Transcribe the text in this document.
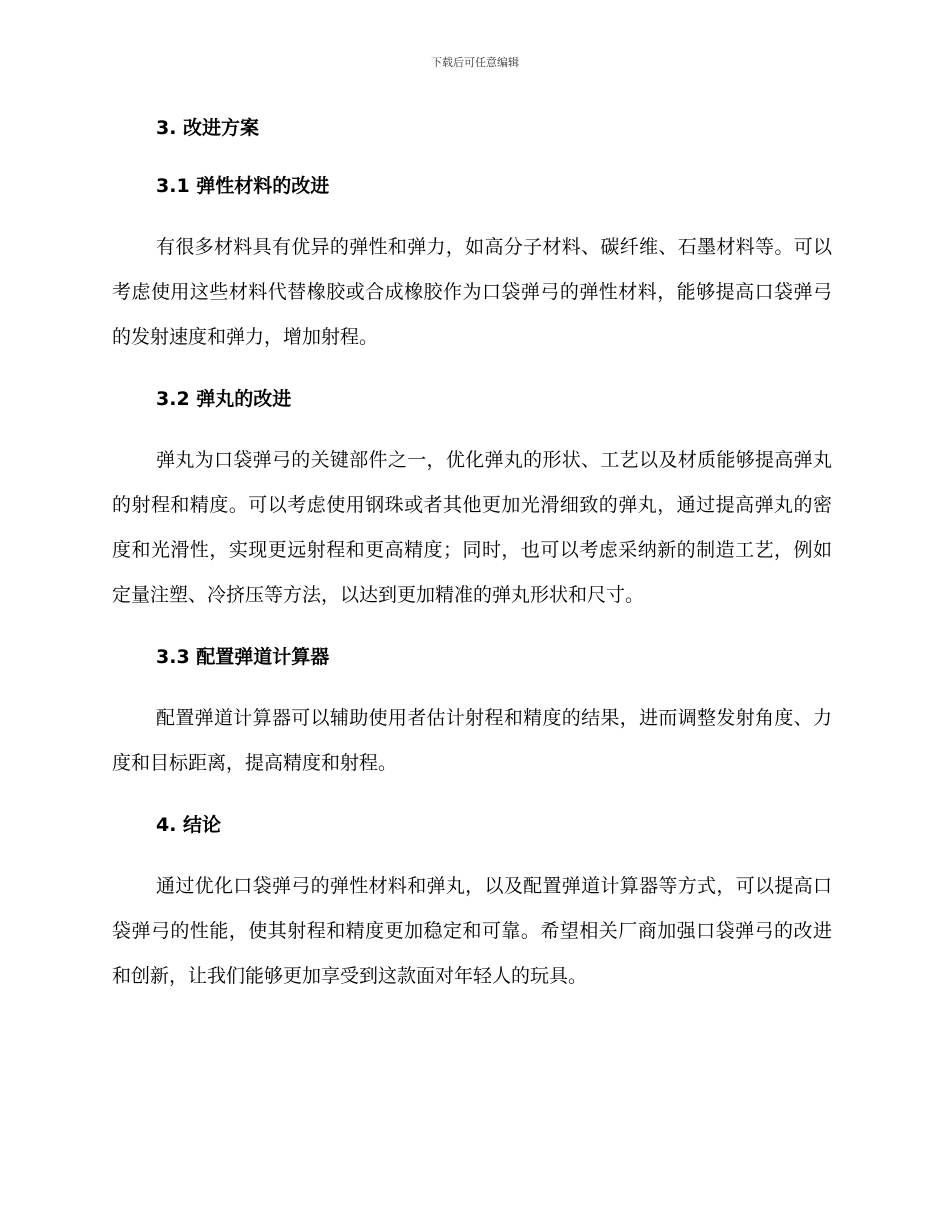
下载后可任意编辑
3. 改进方案
3.1 弹性材料的改进

有很多材料具有优异的弹性和弹力，如高分子材料、碳纤维、石墨材料等。可以考虑使用这些材料代替橡胶或合成橡胶作为口袋弹弓的弹性材料，能够提高口袋弹弓的发射速度和弹力，增加射程。

3.2 弹丸的改进

弹丸为口袋弹弓的关键部件之一，优化弹丸的形状、工艺以及材质能够提高弹丸的射程和精度。可以考虑使用钢珠或者其他更加光滑细致的弹丸，通过提高弹丸的密度和光滑性，实现更远射程和更高精度；同时，也可以考虑采纳新的制造工艺，例如定量注塑、冷挤压等方法，以达到更加精准的弹丸形状和尺寸。

3.3 配置弹道计算器

配置弹道计算器可以辅助使用者估计射程和精度的结果，进而调整发射角度、力度和目标距离，提高精度和射程。

4. 结论

通过优化口袋弹弓的弹性材料和弹丸，以及配置弹道计算器等方式，可以提高口袋弹弓的性能，使其射程和精度更加稳定和可靠。希望相关厂商加强口袋弹弓的改进和创新，让我们能够更加享受到这款面对年轻人的玩具。
